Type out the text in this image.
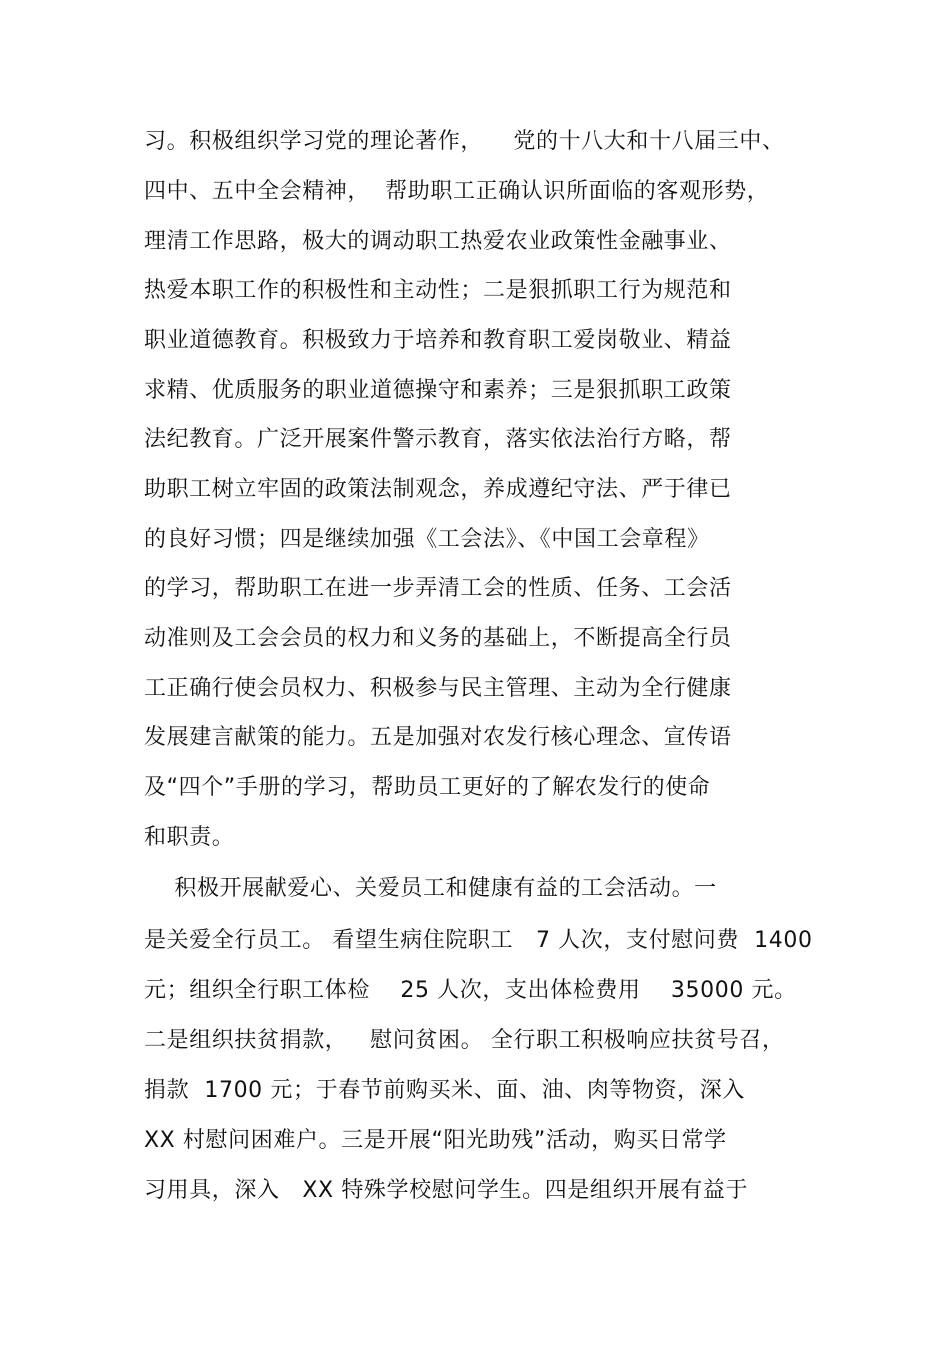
习。积极组织学习党的理论著作，    党的十八大和十八届三中、
四中、五中全会精神，  帮助职工正确认识所面临的客观形势，
理清工作思路，极大的调动职工热爱农业政策性金融事业、
热爱本职工作的积极性和主动性；二是狠抓职工行为规范和
职业道德教育。积极致力于培养和教育职工爱岗敬业、精益
求精、优质服务的职业道德操守和素养；三是狠抓职工政策
法纪教育。广泛开展案件警示教育，落实依法治行方略，帮
助职工树立牢固的政策法制观念，养成遵纪守法、严于律已
的良好习惯；四是继续加强《工会法》、《中国工会章程》
的学习，帮助职工在进一步弄清工会的性质、任务、工会活
动准则及工会会员的权力和义务的基础上，不断提高全行员
工正确行使会员权力、积极参与民主管理、主动为全行健康
发展建言献策的能力。五是加强对农发行核心理念、宣传语
及“四个”手册的学习，帮助员工更好的了解农发行的使命
和职责。
积极开展献爱心、关爱员工和健康有益的工会活动。一
是关爱全行员工。 看望生病住院职工   7 人次，支付慰问费  1400
元；组织全行职工体检    25 人次，支出体检费用    35000 元。
二是组织扶贫捐款，   慰问贫困。 全行职工积极响应扶贫号召，
捐款  1700 元；于春节前购买米、面、油、肉等物资，深入
XX 村慰问困难户。三是开展“阳光助残”活动，购买日常学
习用具，深入   XX 特殊学校慰问学生。四是组织开展有益于
